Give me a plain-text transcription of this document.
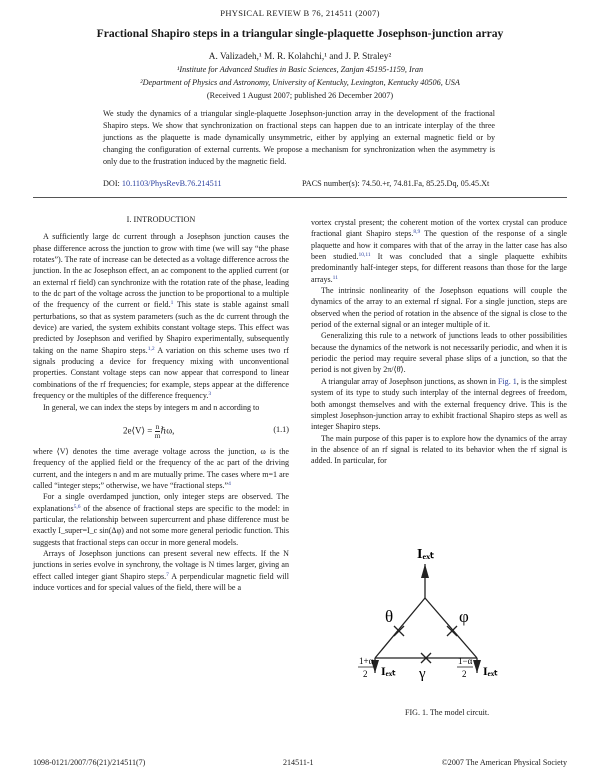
PHYSICAL REVIEW B 76, 214511 (2007)
Fractional Shapiro steps in a triangular single-plaquette Josephson-junction array
A. Valizadeh,¹ M. R. Kolahchi,¹ and J. P. Straley²
¹Institute for Advanced Studies in Basic Sciences, Zanjan 45195-1159, Iran
²Department of Physics and Astronomy, University of Kentucky, Lexington, Kentucky 40506, USA
(Received 1 August 2007; published 26 December 2007)
We study the dynamics of a triangular single-plaquette Josephson-junction array in the development of the fractional Shapiro steps. We show that synchronization on fractional steps can happen due to an intricate interplay of the three junctions as the plaquette is made dynamically unsymmetric, either by applying an external magnetic field or by changing the configuration of external currents. We propose a mechanism for synchronization when the asymmetry is only due to the frustration induced by the magnetic field.
DOI: 10.1103/PhysRevB.76.214511	PACS number(s): 74.50.+r, 74.81.Fa, 85.25.Dq, 05.45.Xt
I. INTRODUCTION

A sufficiently large dc current through a Josephson junction causes the phase difference across the junction to grow with time (we will say “the phase rotates”). The rate of increase can be detected as a voltage difference across the junction. In the ac Josephson effect, an ac component to the applied current (or an external rf field) can synchronize with the rotation rate of the phase, leading to the dc part of the voltage across the junction to be proportional to a multiple of the frequency of the current or field.$^1$ This state is stable against small perturbations, so that as system parameters (such as the dc current through the device) are varied, the system exhibits constant voltage steps. This effect was predicted by Josephson and verified by Shapiro experimentally, subsequently taking on the name Shapiro steps.$^{1,2}$ A variation on this scheme uses two rf signals producing a device for frequency mixing with unconventional properties. Constant voltage steps can now appear that correspond to linear combinations of the rf frequencies; for example, steps appear at the difference frequency or the multiples of the difference frequency.$^3$

In general, we can index the steps by integers m and n according to

2e⟨V⟩ = $\frac{n}{m}$ ℏω,	(1.1)

where ⟨V⟩ denotes the time average voltage across the junction, ω is the frequency of the applied field or the frequency of the ac part of the driving current, and the integers n and m are mutually prime. The cases where m=1 are called “integer steps;” otherwise, we have “fractional steps.”$^4$

For a single overdamped junction, only integer steps are observed. The explanations$^{5,6}$ of the absence of fractional steps are specific to the model: in particular, the relationship between supercurrent and phase difference must be exactly I_super=I_c sin(Δφ) and not some more general periodic function. This suggests that fractional steps can occur in more general models.

Arrays of Josephson junctions can present several new effects. If the N junctions in series evolve in synchrony, the voltage is N times larger, giving an effect called integer giant Shapiro steps.$^7$ A perpendicular magnetic field will induce vortices and for special values of the field, there will be a

vortex crystal present; the coherent motion of the vortex crystal can produce fractional giant Shapiro steps.$^{8,9}$ The question of the response of a single plaquette and how it compares with that of the array in the latter case has also been studied.$^{10,11}$ It was concluded that a single plaquette exhibits predominantly half-integer steps, for different reasons than those for the large arrays.$^{11}$

The intrinsic nonlinearity of the Josephson equations will couple the dynamics of the array to an external rf signal. For a single junction, steps are observed when the period of rotation in the absence of the signal is close to the period of the external signal or an integer multiple of it.

Generalizing this rule to a network of junctions leads to other possibilities because the dynamics of the network is not necessarily periodic, and when it is periodic the period may require several phase slips of a junction, so that the period is not given by 2π/⟨θ̇⟩.

A triangular array of Josephson junctions, as shown in Fig. 1, is the simplest system of its type to study such interplay of the internal degrees of freedom, both amongst themselves and with the external frequency drive. This is the simplest Josephson-junction array to exhibit fractional Shapiro steps as well as integer Shapiro steps.

The main purpose of this paper is to explore how the dynamics of the array in the absence of an rf signal is related to its behavior when the rf signal is added. In particular, for

Iₑₓₜ
θ	φ
γ
1+α
2 Iₑₓₜ
1−α
2 Iₑₓₜ
FIG. 1. The model circuit.
1098-0121/2007/76(21)/214511(7)	214511-1	©2007 The American Physical Society
